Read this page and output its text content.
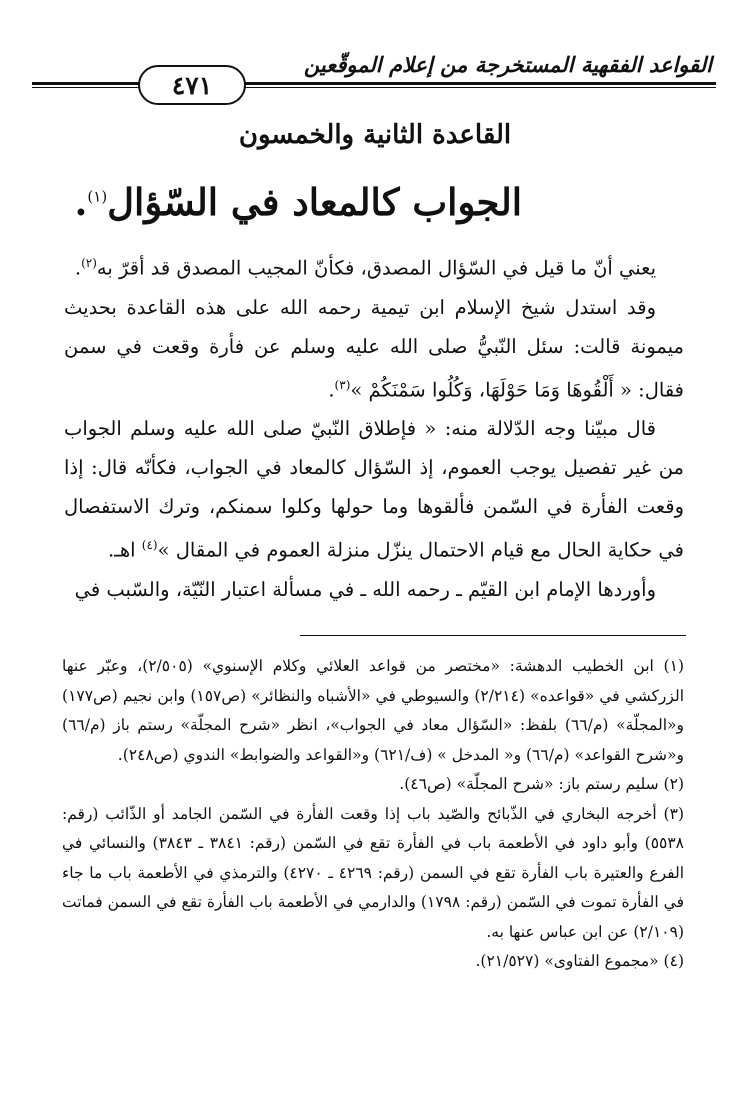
القواعد الفقهية المستخرجة من إعلام الموقّعين
٤٧١
القاعدة الثانية والخمسون
الجواب كالمعاد في السّؤال$^{(١)}$.

يعني أنّ ما قيل في السّؤال المصدق، فكأنّ المجيب المصدق قد أقرّ به$^{(٢)}$.

وقد استدل شيخ الإسلام ابن تيمية رحمه الله على هذه القاعدة بحديث ميمونة قالت: سئل النّبيُّ صلى الله عليه وسلم عن فأرة وقعت في سمن فقال: « أَلْقُوهَا وَمَا حَوْلَهَا، وَكُلُوا سَمْنَكُمْ »$^{(٣)}$.

قال مبيّنا وجه الدّلالة منه: « فإطلاق النّبيّ صلى الله عليه وسلم الجواب من غير تفصيل يوجب العموم، إذ السّؤال كالمعاد في الجواب، فكأنّه قال: إذا وقعت الفأرة في السّمن فألقوها وما حولها وكلوا سمنكم، وترك الاستفصال في حكاية الحال مع قيام الاحتمال ينزّل منزلة العموم في المقال »$^{(٤)}$ اهـ.

وأوردها الإمام ابن القيّم ـ رحمه الله ـ في مسألة اعتبار النّيّة، والسّبب في

(١) ابن الخطيب الدهشة: «مختصر من قواعد العلائي وكلام الإسنوي» (٢/٥٠٥)، وعبّر عنها الزركشي في «قواعده» (٢/٢١٤) والسيوطي في «الأشباه والنظائر» (ص١٥٧) وابن نجيم (ص١٧٧) و«المجلّة» (م/٦٦) بلفظ: «السّؤال معاد في الجواب»، انظر «شرح المجلّة» رستم باز (م/٦٦) و«شرح القواعد» (م/٦٦) و« المدخل » (ف/٦٢١) و«القواعد والضوابط» الندوي (ص٢٤٨).

(٢) سليم رستم باز: «شرح المجلّة» (ص٤٦).

(٣) أخرجه البخاري في الذّبائح والصّيد باب إذا وقعت الفأرة في السّمن الجامد أو الذّائب (رقم: ٥٥٣٨) وأبو داود في الأطعمة باب في الفأرة تقع في السّمن (رقم: ٣٨٤١ ـ ٣٨٤٣) والنسائي في الفرع والعتيرة باب الفأرة تقع في السمن (رقم: ٤٢٦٩ ـ ٤٢٧٠) والترمذي في الأطعمة باب ما جاء في الفأرة تموت في السّمن (رقم: ١٧٩٨) والدارمي في الأطعمة باب الفأرة تقع في السمن فماتت (٢/١٠٩) عن ابن عباس عنها به.

(٤) «مجموع الفتاوى» (٢١/٥٢٧).
